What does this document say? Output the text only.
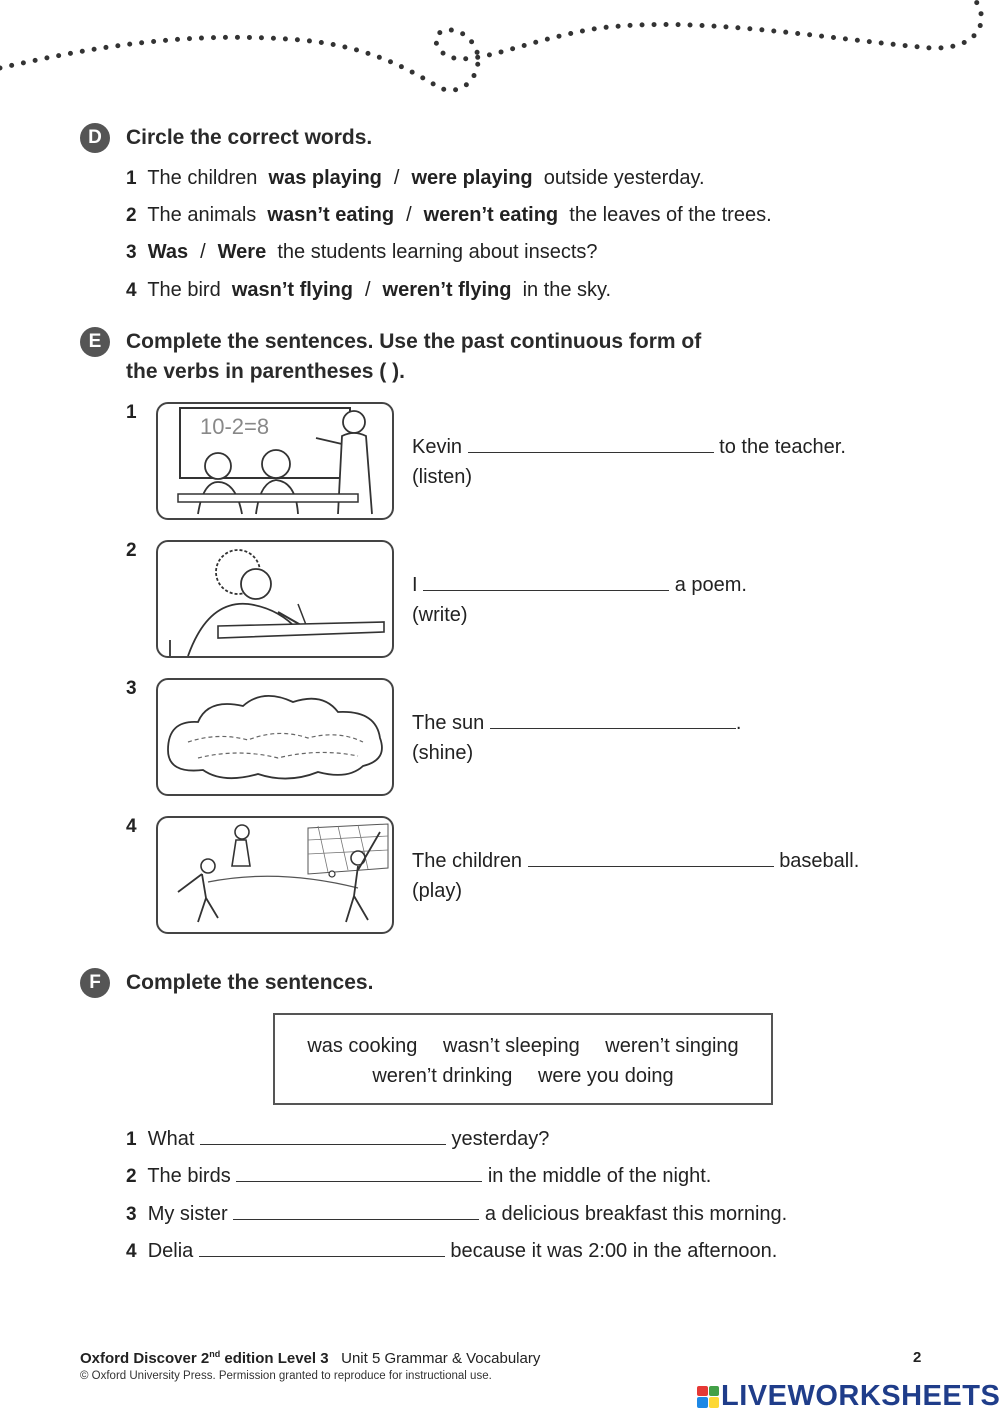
D	Circle the correct words.
1 The children was playing / were playing outside yesterday.
2 The animals wasn’t eating / weren’t eating the leaves of the trees.
3 Was / Were the students learning about insects?
4 The bird wasn’t flying / weren’t flying in the sky.
E	Complete the sentences. Use the past continuous form of
the verbs in parentheses ( ).
1
10-2=8
Kevin	to the teacher.
(listen)
2
I	a poem.
(write)
3
The sun	.
(shine)
4
The children	baseball.
(play)
F	Complete the sentences.
was cooking wasn’t sleeping weren’t singing
weren’t drinking were you doing
1 What	yesterday?
2 The birds	in the middle of the night.
3 My sister	a delicious breakfast this morning.
4 Delia	because it was 2:00 in the afternoon.
Oxford Discover 2nd edition Level 3 Unit 5 Grammar & Vocabulary	2
© Oxford University Press. Permission granted to reproduce for instructional use.
LIVEWORKSHEETS
